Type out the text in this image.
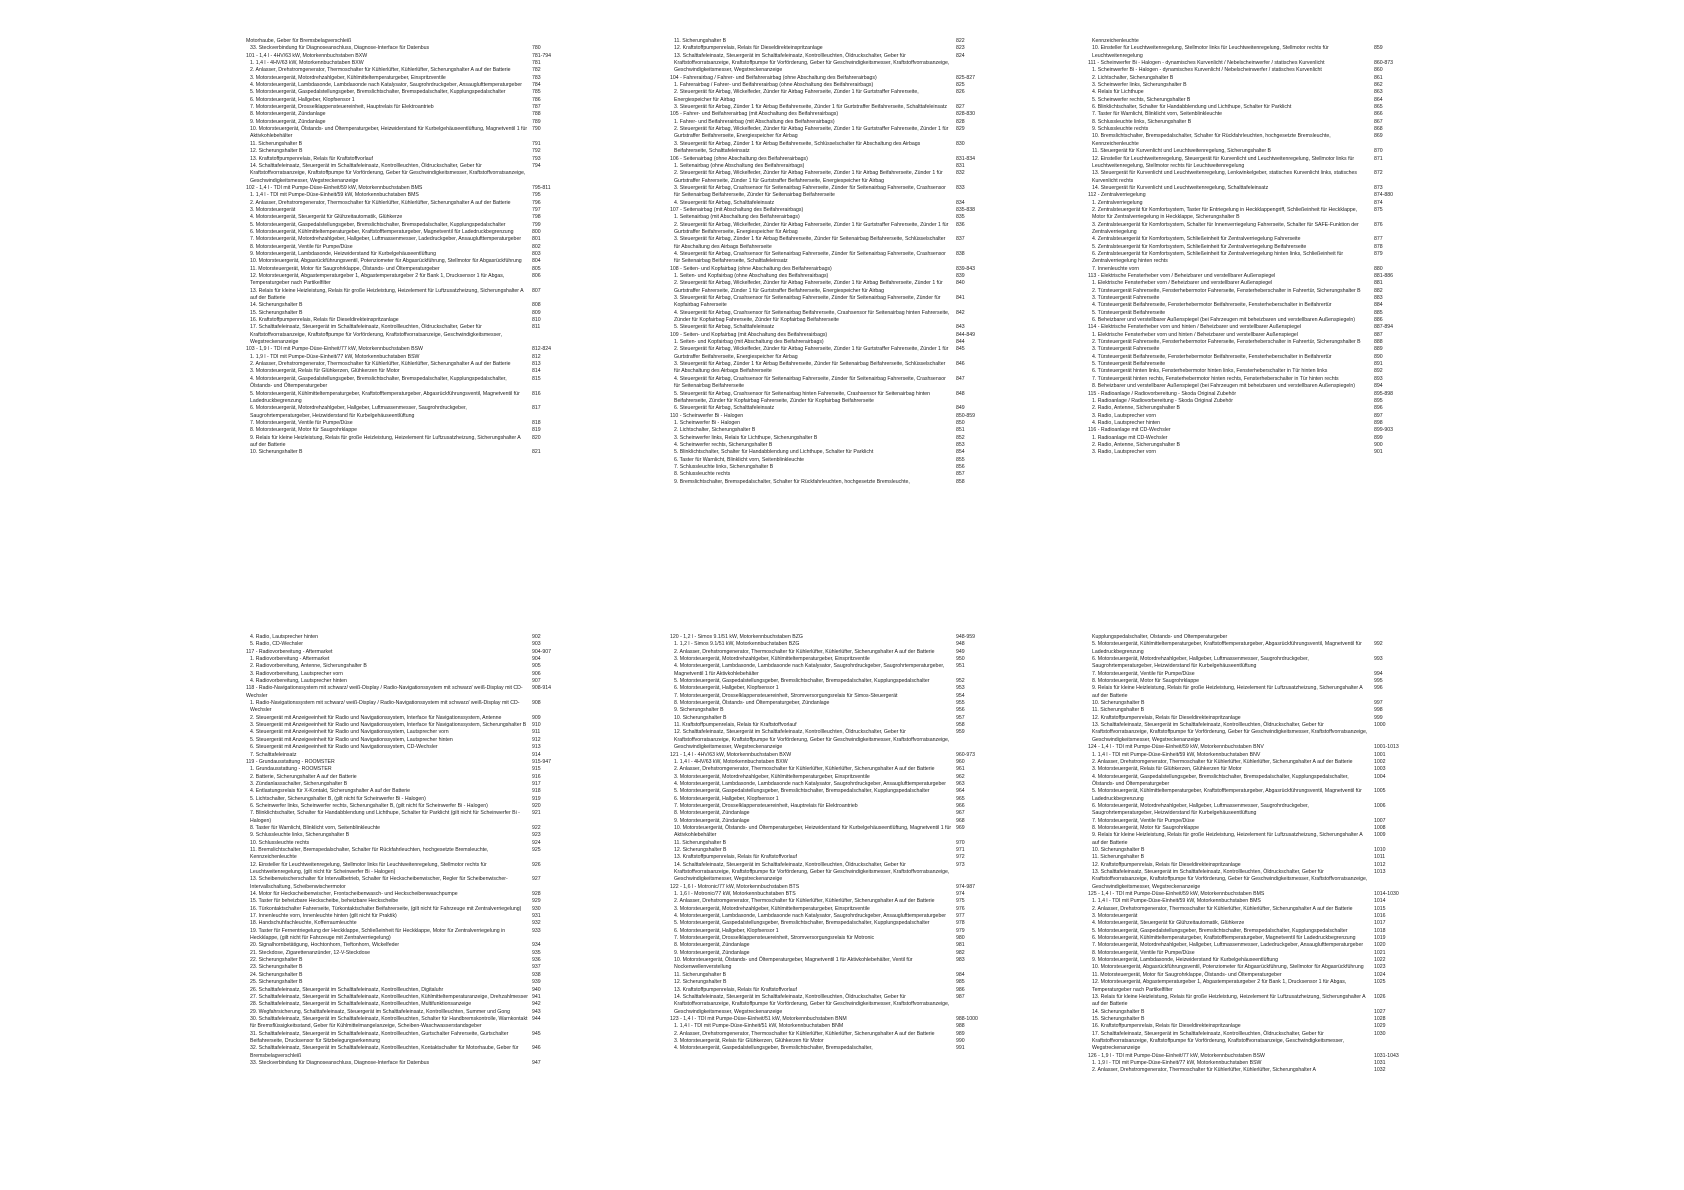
Motorhaube, Geber für Bremsbelagverschleiß
33. Steckverbindung für Diagnoseanschluss, Diagnose-Interface für Datenbus	780
101 - 1,4 l - 4HV/63 kW, Motorkennbuchstaben BXW	781-794
1. 1,4 l - 4HV/63 kW, Motorkennbuchstaben BXW	781
2. Anlasser, Drehstromgenerator, Thermoschalter für Kühlerlüfter, Kühlerlüfter, Sicherungshalter A auf der Batterie	782
3. Motorsteuergerät, Motordrehzahlgeber, Kühlmitteltemperaturgeber, Einspritzventile	783
4. Motorsteuergerät, Lambdasonde, Lambdasonde nach Katalysator, Saugrohrdruckgeber, Ansauglufttemperaturgeber	784
5. Motorsteuergerät, Gaspedalstellungsgeber, Bremslichtschalter, Bremspedalschalter, Kupplungspedalschalter	785
6. Motorsteuergerät, Hallgeber, Klopfsensor 1	786
7. Motorsteuergerät, Drosselklappensteuereinheit, Hauptrelais für Elektroantrieb	787
8. Motorsteuergerät, Zündanlage	788
9. Motorsteuergerät, Zündanlage	789
10. Motorsteuergerät, Ölstands- und Öltemperaturgeber, Heizwiderstand für Kurbelgehäuseentlüftung, Magnetventil 1 für Aktivkohlebehälter
790
11. Sicherungshalter B	791
12. Sicherungshalter B	792
13. Kraftstoffpumpenrelais, Relais für Kraftstoffvorlauf	793
14. Schalttafeleinsatz, Steuergerät im Schalttafeleinsatz, Kontrollleuchten, Öldruckschalter, Geber für Kraftstoffvorratsanzeige, Kraftstoffpumpe für Vorförderung, Geber für Geschwindigkeitsmesser, Kraftstoffvorratsanzeige, Geschwindigkeitsmesser, Wegstreckenanzeige
794
102 - 1,4 l - TDI mit Pumpe-Düse-Einheit/59 kW, Motorkennbuchstaben BMS	795-811
1. 1,4 l - TDI mit Pumpe-Düse-Einheit/59 kW, Motorkennbuchstaben BMS	795
2. Anlasser, Drehstromgenerator, Thermoschalter für Kühlerlüfter, Kühlerlüfter, Sicherungshalter A auf der Batterie	796
3. Motorsteuergerät	797
4. Motorsteuergerät, Steuergerät für Glühzeitautomatik, Glühkerze	798
5. Motorsteuergerät, Gaspedalstellungsgeber, Bremslichtschalter, Bremspedalschalter, Kupplungspedalschalter	799
6. Motorsteuergerät, Kühlmitteltemperaturgeber, Kraftstofftemperaturgeber, Magnetventil für Ladedruckbegrenzung	800
7. Motorsteuergerät, Motordrehzahlgeber, Hallgeber, Luftmassenmesser, Ladedruckgeber, Ansauglufttemperaturgeber	801
8. Motorsteuergerät, Ventile für Pumpe/Düse	802
9. Motorsteuergerät, Lambdasonde, Heizwiderstand für Kurbelgehäuseentlüftung	803
10. Motorsteuergerät, Abgasrückführungsventil, Potenziometer für Abgasrückführung, Stellmotor für Abgasrückführung	804
11. Motorsteuergerät, Motor für Saugrohrklappe, Ölstands- und Öltemperaturgeber	805
12. Motorsteuergerät, Abgastemperaturgeber 1, Abgastemperaturgeber 2 für Bank 1, Drucksensor 1 für Abgas, Temperaturgeber nach Partikelfilter
806
13. Relais für kleine Heizleistung, Relais für große Heizleistung, Heizelement für Luftzusatzheizung, Sicherungshalter A auf der Batterie
807
14. Sicherungshalter B	808
15. Sicherungshalter B	809
16. Kraftstoffpumpenrelais, Relais für Dieseldirekteinspritzanlage	810
17. Schalttafeleinsatz, Steuergerät im Schalttafeleinsatz, Kontrollleuchten, Öldruckschalter, Geber für Kraftstoffvorratsanzeige, Kraftstoffpumpe für Vorförderung, Kraftstoffvorratsanzeige, Geschwindigkeitsmesser, Wegstreckenanzeige
811
103 - 1,9 l - TDI mit Pumpe-Düse-Einheit/77 kW, Motorkennbuchstaben BSW	812-824
1. 1,9 l - TDI mit Pumpe-Düse-Einheit/77 kW, Motorkennbuchstaben BSW	812
2. Anlasser, Drehstromgenerator, Thermoschalter für Kühlerlüfter, Kühlerlüfter, Sicherungshalter A auf der Batterie	813
3. Motorsteuergerät, Relais für Glühkerzen, Glühkerzen für Motor	814
4. Motorsteuergerät, Gaspedalstellungsgeber, Bremslichtschalter, Bremspedalschalter, Kupplungspedalschalter, Ölstands- und Öltemperaturgeber
815
5. Motorsteuergerät, Kühlmitteltemperaturgeber, Kraftstofftemperaturgeber, Abgasrückführungsventil, Magnetventil für Ladedruckbegrenzung
816
6. Motorsteuergerät, Motordrehzahlgeber, Hallgeber, Luftmassenmesser, Saugrohrdruckgeber, Saugrohrtemperaturgeber, Heizwiderstand für Kurbelgehäuseentlüftung
817
7. Motorsteuergerät, Ventile für Pumpe/Düse	818
8. Motorsteuergerät, Motor für Saugrohrklappe	819
9. Relais für kleine Heizleistung, Relais für große Heizleistung, Heizelement für Luftzusatzheizung, Sicherungshalter A auf der Batterie
820
10. Sicherungshalter B	821
11. Sicherungshalter B	822
12. Kraftstoffpumpenrelais, Relais für Dieseldirekteinspritzanlage	823
13. Schalttafeleinsatz, Steuergerät im Schalttafeleinsatz, Kontrollleuchten, Öldruckschalter, Geber für Kraftstoffvorratsanzeige, Kraftstoffpumpe für Vorförderung, Geber für Geschwindigkeitsmesser, Kraftstoffvorratsanzeige, Geschwindigkeitsmesser, Wegstreckenanzeige
824
104 - Fahrerairbag / Fahrer- und Beifahrerairbag (ohne Abschaltung des Beifahrerairbags)	825-827
1. Fahrerairbag / Fahrer- und Beifahrerairbag (ohne Abschaltung des Beifahrerairbags)	825
2. Steuergerät für Airbag, Wickelfeder, Zünder für Airbag Fahrerseite, Zünder 1 für Gurtstraffer Fahrerseite, Energiespeicher für Airbag
826
3. Steuergerät für Airbag, Zünder 1 für Airbag Beifahrerseite, Zünder 1 für Gurtstraffer Beifahrerseite, Schalttafeleinsatz	827
105 - Fahrer- und Beifahrerairbag (mit Abschaltung des Beifahrerairbags)	828-830
1. Fahrer- und Beifahrerairbag (mit Abschaltung des Beifahrerairbags)	828
2. Steuergerät für Airbag, Wickelfeder, Zünder für Airbag Fahrerseite, Zünder 1 für Gurtstraffer Fahrerseite, Zünder 1 für Gurtstraffer Beifahrerseite, Energiespeicher für Airbag
829
3. Steuergerät für Airbag, Zünder 1 für Airbag Beifahrerseite, Schlüsselschalter für Abschaltung des Airbags Beifahrerseite, Schalttafeleinsatz
830
106 - Seitenairbag (ohne Abschaltung des Beifahrerairbags)	831-834
1. Seitenairbag (ohne Abschaltung des Beifahrerairbags)	831
2. Steuergerät für Airbag, Wickelfeder, Zünder für Airbag Fahrerseite, Zünder 1 für Airbag Beifahrerseite, Zünder 1 für Gurtstraffer Fahrerseite, Zünder 1 für Gurtstraffer Beifahrerseite, Energiespeicher für Airbag
832
3. Steuergerät für Airbag, Crashsensor für Seitenairbag Fahrerseite, Zünder für Seitenairbag Fahrerseite, Crashsensor für Seitenairbag Beifahrerseite, Zünder für Seitenairbag Beifahrerseite
833
4. Steuergerät für Airbag, Schalttafeleinsatz	834
107 - Seitenairbag (mit Abschaltung des Beifahrerairbags)	835-838
1. Seitenairbag (mit Abschaltung des Beifahrerairbags)	835
2. Steuergerät für Airbag, Wickelfeder, Zünder für Airbag Fahrerseite, Zünder 1 für Gurtstraffer Fahrerseite, Zünder 1 für Gurtstraffer Beifahrerseite, Energiespeicher für Airbag
836
3. Steuergerät für Airbag, Zünder 1 für Airbag Beifahrerseite, Zünder für Seitenairbag Beifahrerseite, Schlüsselschalter für Abschaltung des Airbags Beifahrerseite
837
4. Steuergerät für Airbag, Crashsensor für Seitenairbag Fahrerseite, Zünder für Seitenairbag Fahrerseite, Crashsensor für Seitenairbag Beifahrerseite, Schalttafeleinsatz
838
108 - Seiten- und Kopfairbag (ohne Abschaltung des Beifahrerairbags)	839-843
1. Seiten- und Kopfairbag (ohne Abschaltung des Beifahrerairbags)	839
2. Steuergerät für Airbag, Wickelfeder, Zünder für Airbag Fahrerseite, Zünder 1 für Airbag Beifahrerseite, Zünder 1 für Gurtstraffer Fahrerseite, Zünder 1 für Gurtstraffer Beifahrerseite, Energiespeicher für Airbag
840
3. Steuergerät für Airbag, Crashsensor für Seitenairbag Fahrerseite, Zünder für Seitenairbag Fahrerseite, Zünder für Kopfairbag Fahrerseite
841
4. Steuergerät für Airbag, Crashsensor für Seitenairbag Beifahrerseite, Crashsensor für Seitenairbag hinten Fahrerseite, Zünder für Kopfairbag Fahrerseite, Zünder für Kopfairbag Beifahrerseite
842
5. Steuergerät für Airbag, Schalttafeleinsatz	843
109 - Seiten- und Kopfairbag (mit Abschaltung des Beifahrerairbags)	844-849
1. Seiten- und Kopfairbag (mit Abschaltung des Beifahrerairbags)	844
2. Steuergerät für Airbag, Wickelfeder, Zünder für Airbag Fahrerseite, Zünder 1 für Gurtstraffer Fahrerseite, Zünder 1 für Gurtstraffer Beifahrerseite, Energiespeicher für Airbag
845
3. Steuergerät für Airbag, Zünder 1 für Airbag Beifahrerseite, Zünder für Seitenairbag Beifahrerseite, Schlüsselschalter für Abschaltung des Airbags Beifahrerseite
846
4. Steuergerät für Airbag, Crashsensor für Seitenairbag Fahrerseite, Zünder für Seitenairbag Fahrerseite, Crashsensor für Seitenairbag Beifahrerseite
847
5. Steuergerät für Airbag, Crashsensor für Seitenairbag hinten Fahrerseite, Crashsensor für Seitenairbag hinten Beifahrerseite, Zünder für Kopfairbag Fahrerseite, Zünder für Kopfairbag Beifahrerseite
848
6. Steuergerät für Airbag, Schalttafeleinsatz	849
110 - Scheinwerfer Bi - Halogen	850-859
1. Scheinwerfer Bi - Halogen	850
2. Lichtschalter, Sicherungshalter B	851
3. Scheinwerfer links, Relais für Lichthupe, Sicherungshalter B	852
4. Scheinwerfer rechts, Sicherungshalter B	853
5. Blinklichtschalter, Schalter für Handabblendung und Lichthupe, Schalter für Parklicht	854
6. Taster für Warnlicht, Blinklicht vorn, Seitenblinkleuchte	855
7. Schlussleuchte links, Sicherungshalter B	856
8. Schlussleuchte rechts	857
9. Bremslichtschalter, Bremspedalschalter, Schalter für Rückfahrleuchten, hochgesetzte Bremsleuchte,	858
Kennzeichenleuchte
10. Einsteller für Leuchtweitenregelung, Stellmotor links für Leuchtweitenregelung, Stellmotor rechts für Leuchtweitenregelung
859
111 - Scheinwerfer Bi - Halogen - dynamisches Kurvenlicht / Nebelscheinwerfer / statisches Kurvenlicht	860-873
1. Scheinwerfer Bi - Halogen - dynamisches Kurvenlicht / Nebelscheinwerfer / statisches Kurvenlicht	860
2. Lichtschalter, Sicherungshalter B	861
3. Scheinwerfer links, Sicherungshalter B	862
4. Relais für Lichthupe	863
5. Scheinwerfer rechts, Sicherungshalter B	864
6. Blinklichtschalter, Schalter für Handabblendung und Lichthupe, Schalter für Parklicht	865
7. Taster für Warnlicht, Blinklicht vorn, Seitenblinkleuchte	866
8. Schlussleuchte links, Sicherungshalter B	867
9. Schlussleuchte rechts	868
10. Bremslichtschalter, Bremspedalschalter, Schalter für Rückfahrleuchten, hochgesetzte Bremsleuchte, Kennzeichenleuchte
869
11. Steuergerät für Kurvenlicht und Leuchtweitenregelung, Sicherungshalter B	870
12. Einsteller für Leuchtweitenregelung, Steuergerät für Kurvenlicht und Leuchtweitenregelung, Stellmotor links für Leuchtweitenregelung, Stellmotor rechts für Leuchtweitenregelung
871
13. Steuergerät für Kurvenlicht und Leuchtweitenregelung, Lenkwinkelgeber, statisches Kurvenlicht links, statisches Kurvenlicht rechts
872
14. Steuergerät für Kurvenlicht und Leuchtweitenregelung, Schalttafeleinsatz	873
112 - Zentralverriegelung	874-880
1. Zentralverriegelung	874
2. Zentralsteuergerät für Komfortsystem, Taster für Entriegelung in Heckklappengriff, Schließeinheit für Heckklappe, Motor für Zentralverriegelung in Heckklappe, Sicherungshalter B
875
3. Zentralsteuergerät für Komfortsystem, Schalter für Innenverriegelung Fahrerseite, Schalter für SAFE-Funktion der Zentralverriegelung
876
4. Zentralsteuergerät für Komfortsystem, Schließeinheit für Zentralverriegelung Fahrerseite	877
5. Zentralsteuergerät für Komfortsystem, Schließeinheit für Zentralverriegelung Beifahrerseite	878
6. Zentralsteuergerät für Komfortsystem, Schließeinheit für Zentralverriegelung hinten links, Schließeinheit für Zentralverriegelung hinten rechts
879
7. Innenleuchte vorn	880
113 - Elektrische Fensterheber vorn / Beheizbarer und verstellbarer Außenspiegel	881-886
1. Elektrische Fensterheber vorn / Beheizbarer und verstellbarer Außenspiegel	881
2. Türsteuergerät Fahrerseite, Fensterhebermotor Fahrerseite, Fensterheberschalter in Fahrertür, Sicherungshalter B	882
3. Türsteuergerät Fahrerseite	883
4. Türsteuergerät Beifahrerseite, Fensterhebermotor Beifahrerseite, Fensterheberschalter in Beifahrertür	884
5. Türsteuergerät Beifahrerseite	885
6. Beheizbarer und verstellbarer Außenspiegel (bei Fahrzeugen mit beheizbaren und verstellbaren Außenspiegeln)	886
114 - Elektrische Fensterheber vorn und hinten / Beheizbarer und verstellbarer Außenspiegel	887-894
1. Elektrische Fensterheber vorn und hinten / Beheizbarer und verstellbarer Außenspiegel	887
2. Türsteuergerät Fahrerseite, Fensterhebermotor Fahrerseite, Fensterheberschalter in Fahrertür, Sicherungshalter B	888
3. Türsteuergerät Fahrerseite	889
4. Türsteuergerät Beifahrerseite, Fensterhebermotor Beifahrerseite, Fensterheberschalter in Beifahrertür	890
5. Türsteuergerät Beifahrerseite	891
6. Türsteuergerät hinten links, Fensterhebermotor hinten links, Fensterheberschalter in Tür hinten links	892
7. Türsteuergerät hinten rechts, Fensterhebermotor hinten rechts, Fensterheberschalter in Tür hinten rechts	893
8. Beheizbarer und verstellbarer Außenspiegel (bei Fahrzeugen mit beheizbaren und verstellbaren Außenspiegeln)	894
115 - Radioanlage / Radiovorbereitung - Skoda Original Zubehör	895-898
1. Radioanlage / Radiovorbereitung - Skoda Original Zubehör	895
2. Radio, Antenne, Sicherungshalter B	896
3. Radio, Lautsprecher vorn	897
4. Radio, Lautsprecher hinten	898
116 - Radioanlage mit CD-Wechsler	899-903
1. Radioanlage mit CD-Wechsler	899
2. Radio, Antenne, Sicherungshalter B	900
3. Radio, Lautsprecher vorn	901
4. Radio, Lautsprecher hinten	902
5. Radio, CD-Wechsler	903
117 - Radiovorbereitung - Aftermarket	904-907
1. Radiovorbereitung - Aftermarket	904
2. Radiovorbereitung, Antenne, Sicherungshalter B	905
3. Radiovorbereitung, Lautsprecher vorn	906
4. Radiovorbereitung, Lautsprecher hinten	907
118 - Radio-Navigationssystem mit schwarz/ weiß-Display / Radio-Navigationssystem mit schwarz/ weiß-Display mit CD-Wechsler
908-914
1. Radio-Navigationssystem mit schwarz/ weiß-Display / Radio-Navigationssystem mit schwarz/ weiß-Display mit CD-Wechsler
908
2. Steuergerät mit Anzeigeeinheit für Radio und Navigationssystem, Interface für Navigationssystem, Antenne	909
3. Steuergerät mit Anzeigeeinheit für Radio und Navigationssystem, Interface für Navigationssystem, Sicherungshalter B	910
4. Steuergerät mit Anzeigeeinheit für Radio und Navigationssystem, Lautsprecher vorn	911
5. Steuergerät mit Anzeigeeinheit für Radio und Navigationssystem, Lautsprecher hinten	912
6. Steuergerät mit Anzeigeeinheit für Radio und Navigationssystem, CD-Wechsler	913
7. Schalttafeleinsatz	914
119 - Grundausstattung - ROOMSTER	915-947
1. Grundausstattung - ROOMSTER	915
2. Batterie, Sicherungshalter A auf der Batterie	916
3. Zündanlassschalter, Sicherungshalter B	917
4. Entlastungsrelais für X-Kontakt, Sicherungshalter A auf der Batterie	918
5. Lichtschalter, Sicherungshalter B, (gilt nicht für Scheinwerfer Bi - Halogen)	919
6. Scheinwerfer links, Scheinwerfer rechts, Sicherungshalter B, (gilt nicht für Scheinwerfer Bi - Halogen)	920
7. Blinklichtschalter, Schalter für Handabblendung und Lichthupe, Schalter für Parklicht (gilt nicht für Scheinwerfer Bi - Halogen)
921
8. Taster für Warnlicht, Blinklicht vorn, Seitenblinkleuchte	922
9. Schlussleuchte links, Sicherungshalter B	923
10. Schlussleuchte rechts	924
11. Bremslichtschalter, Bremspedalschalter, Schalter für Rückfahrleuchten, hochgesetzte Bremsleuchte, Kennzeichenleuchte
925
12. Einsteller für Leuchtweitenregelung, Stellmotor links für Leuchtweitenregelung, Stellmotor rechts für Leuchtweitenregelung, (gilt nicht für Scheinwerfer Bi - Halogen)
926
13. Scheibenwischerschalter für Intervallbetrieb, Schalter für Heckscheibenwischer, Regler für Scheibenwischer-Intervallschaltung, Scheibenwischermotor
927
14. Motor für Heckscheibenwischer, Frontscheibenwasch- und Heckscheibenwaschpumpe	928
15. Taster für beheizbare Heckscheibe, beheizbare Heckscheibe	929
16. Türkontaktschalter Fahrerseite, Türkontaktschalter Beifahrerseite, (gilt nicht für Fahrzeuge mit Zentralverriegelung)	930
17. Innenleuchte vorn, Innenleuchte hinten (gilt nicht für Praktik)	931
18. Handschuhfachleuchte, Kofferraumleuchte	932
19. Taster für Fernentriegelung der Heckklappe, Schließeinheit für Heckklappe, Motor für Zentralverriegelung in Heckklappe, (gilt nicht für Fahrzeuge mit Zentralverriegelung)
933
20. Signalhornbetätigung, Hochtonhorn, Tieftonhorn, Wickelfeder	934
21. Steckdose, Zigarettenanzünder, 12-V-Steckdose	935
22. Sicherungshalter B	936
23. Sicherungshalter B	937
24. Sicherungshalter B	938
25. Sicherungshalter B	939
26. Schalttafeleinsatz, Steuergerät im Schalttafeleinsatz, Kontrollleuchten, Digitaluhr	940
27. Schalttafeleinsatz, Steuergerät im Schalttafeleinsatz, Kontrollleuchten, Kühlmitteltemperaturanzeige, Drehzahlmesser 941
28. Schalttafeleinsatz, Steuergerät im Schalttafeleinsatz, Kontrollleuchten, Multifunktionsanzeige	942
29. Wegfahrsicherung, Schalttafeleinsatz, Steuergerät im Schalttafeleinsatz, Kontrollleuchten, Summer und Gong	943
30. Schalttafeleinsatz, Steuergerät im Schalttafeleinsatz, Kontrollleuchten, Schalter für Handbremskontrolle, Warnkontakt für Bremsflüssigkeitsstand, Geber für Kühlmittelmangelanzeige, Scheiben-Waschwasserstandsgeber
944
31. Schalttafeleinsatz, Steuergerät im Schalttafeleinsatz, Kontrollleuchten, Gurtschalter Fahrerseite, Gurtschalter Beifahrerseite, Drucksensor für Sitzbelegungserkennung
945
32. Schalttafeleinsatz, Steuergerät im Schalttafeleinsatz, Kontrollleuchten, Kontaktschalter für Motorhaube, Geber für Bremsbelagverschleiß
946
33. Steckverbindung für Diagnoseanschluss, Diagnose-Interface für Datenbus	947
120 - 1,2 l - Simos 9.1/51 kW, Motorkennbuchstaben BZG	948-959
1. 1,2 l - Simos 9.1/51 kW, Motorkennbuchstaben BZG	948
2. Anlasser, Drehstromgenerator, Thermoschalter für Kühlerlüfter, Kühlerlüfter, Sicherungshalter A auf der Batterie	949
3. Motorsteuergerät, Motordrehzahlgeber, Kühlmitteltemperaturgeber, Einspritzventile	950
4. Motorsteuergerät, Lambdasonde, Lambdasonde nach Katalysator, Saugrohrdruckgeber, Saugrohrtemperaturgeber, Magnetventil 1 für Aktivkohlebehälter
951
5. Motorsteuergerät, Gaspedalstellungsgeber, Bremslichtschalter, Bremspedalschalter, Kupplungspedalschalter	952
6. Motorsteuergerät, Hallgeber, Klopfsensor 1	953
7. Motorsteuergerät, Drosselklappensteuereinheit, Stromversorgungsrelais für Simos-Steuergerät	954
8. Motorsteuergerät, Ölstands- und Öltemperaturgeber, Zündanlage	955
9. Sicherungshalter B	956
10. Sicherungshalter B	957
11. Kraftstoffpumpenrelais, Relais für Kraftstoffvorlauf	958
12. Schalttafeleinsatz, Steuergerät im Schalttafeleinsatz, Kontrollleuchten, Öldruckschalter, Geber für Kraftstoffvorratsanzeige, Kraftstoffpumpe für Vorförderung, Geber für Geschwindigkeitsmesser, Kraftstoffvorratsanzeige, Geschwindigkeitsmesser, Wegstreckenanzeige
959
121 - 1,4 l - 4HV/63 kW, Motorkennbuchstaben BXW	960-973
1. 1,4 l - 4HV/63 kW, Motorkennbuchstaben BXW	960
2. Anlasser, Drehstromgenerator, Thermoschalter für Kühlerlüfter, Kühlerlüfter, Sicherungshalter A auf der Batterie	961
3. Motorsteuergerät, Motordrehzahlgeber, Kühlmitteltemperaturgeber, Einspritzventile	962
4. Motorsteuergerät, Lambdasonde, Lambdasonde nach Katalysator, Saugrohrdruckgeber, Ansauglufttemperaturgeber	963
5. Motorsteuergerät, Gaspedalstellungsgeber, Bremslichtschalter, Bremspedalschalter, Kupplungspedalschalter	964
6. Motorsteuergerät, Hallgeber, Klopfsensor 1	965
7. Motorsteuergerät, Drosselklappensteuereinheit, Hauptrelais für Elektroantrieb	966
8. Motorsteuergerät, Zündanlage	967
9. Motorsteuergerät, Zündanlage	968
10. Motorsteuergerät, Ölstands- und Öltemperaturgeber, Heizwiderstand für Kurbelgehäuseentlüftung, Magnetventil 1 für Aktivkohlebehälter
969
11. Sicherungshalter B	970
12. Sicherungshalter B	971
13. Kraftstoffpumpenrelais, Relais für Kraftstoffvorlauf	972
14. Schalttafeleinsatz, Steuergerät im Schalttafeleinsatz, Kontrollleuchten, Öldruckschalter, Geber für Kraftstoffvorratsanzeige, Kraftstoffpumpe für Vorförderung, Geber für Geschwindigkeitsmesser, Kraftstoffvorratsanzeige, Geschwindigkeitsmesser, Wegstreckenanzeige
973
122 - 1,6 l - Motronic/77 kW, Motorkennbuchstaben BTS	974-987
1. 1,6 l - Motronic/77 kW, Motorkennbuchstaben BTS	974
2. Anlasser, Drehstromgenerator, Thermoschalter für Kühlerlüfter, Kühlerlüfter, Sicherungshalter A auf der Batterie	975
3. Motorsteuergerät, Motordrehzahlgeber, Kühlmitteltemperaturgeber, Einspritzventile	976
4. Motorsteuergerät, Lambdasonde, Lambdasonde nach Katalysator, Saugrohrdruckgeber, Ansauglufttemperaturgeber	977
5. Motorsteuergerät, Gaspedalstellungsgeber, Bremslichtschalter, Bremspedalschalter, Kupplungspedalschalter	978
6. Motorsteuergerät, Hallgeber, Klopfsensor 1	979
7. Motorsteuergerät, Drosselklappensteuereinheit, Stromversorgungsrelais für Motronic	980
8. Motorsteuergerät, Zündanlage	981
9. Motorsteuergerät, Zündanlage	982
10. Motorsteuergerät, Ölstands- und Öltemperaturgeber, Magnetventil 1 für Aktivkohlebehälter, Ventil für Nockenwellenverstellung
983
11. Sicherungshalter B	984
12. Sicherungshalter B	985
13. Kraftstoffpumpenrelais, Relais für Kraftstoffvorlauf	986
14. Schalttafeleinsatz, Steuergerät im Schalttafeleinsatz, Kontrollleuchten, Öldruckschalter, Geber für Kraftstoffvorratsanzeige, Kraftstoffpumpe für Vorförderung, Geber für Geschwindigkeitsmesser, Kraftstoffvorratsanzeige, Geschwindigkeitsmesser, Wegstreckenanzeige
987
123 - 1,4 l - TDI mit Pumpe-Düse-Einheit/51 kW, Motorkennbuchstaben BNM	988-1000
1. 1,4 l - TDI mit Pumpe-Düse-Einheit/51 kW, Motorkennbuchstaben BNM	988
2. Anlasser, Drehstromgenerator, Thermoschalter für Kühlerlüfter, Kühlerlüfter, Sicherungshalter A auf der Batterie	989
3. Motorsteuergerät, Relais für Glühkerzen, Glühkerzen für Motor	990
4. Motorsteuergerät, Gaspedalstellungsgeber, Bremslichtschalter, Bremspedalschalter,	991
Kupplungspedalschalter, Ölstands- und Öltemperaturgeber
5. Motorsteuergerät, Kühlmitteltemperaturgeber, Kraftstofftemperaturgeber, Abgasrückführungsventil, Magnetventil für Ladedruckbegrenzung
992
6. Motorsteuergerät, Motordrehzahlgeber, Hallgeber, Luftmassenmesser, Saugrohrdruckgeber, Saugrohrtemperaturgeber, Heizwiderstand für Kurbelgehäuseentlüftung
993
7. Motorsteuergerät, Ventile für Pumpe/Düse	994
8. Motorsteuergerät, Motor für Saugrohrklappe	995
9. Relais für kleine Heizleistung, Relais für große Heizleistung, Heizelement für Luftzusatzheizung, Sicherungshalter A auf der Batterie
996
10. Sicherungshalter B	997
11. Sicherungshalter B	998
12. Kraftstoffpumpenrelais, Relais für Dieseldirekteinspritzanlage	999
13. Schalttafeleinsatz, Steuergerät im Schalttafeleinsatz, Kontrollleuchten, Öldruckschalter, Geber für Kraftstoffvorratsanzeige, Kraftstoffpumpe für Vorförderung, Geber für Geschwindigkeitsmesser, Kraftstoffvorratsanzeige, Geschwindigkeitsmesser, Wegstreckenanzeige
1000
124 - 1,4 l - TDI mit Pumpe-Düse-Einheit/59 kW, Motorkennbuchstaben BNV	1001-1013
1. 1,4 l - TDI mit Pumpe-Düse-Einheit/59 kW, Motorkennbuchstaben BNV	1001
2. Anlasser, Drehstromgenerator, Thermoschalter für Kühlerlüfter, Kühlerlüfter, Sicherungshalter A auf der Batterie	1002
3. Motorsteuergerät, Relais für Glühkerzen, Glühkerzen für Motor	1003
4. Motorsteuergerät, Gaspedalstellungsgeber, Bremslichtschalter, Bremspedalschalter, Kupplungspedalschalter, Ölstands- und Öltemperaturgeber
1004
5. Motorsteuergerät, Kühlmitteltemperaturgeber, Kraftstofftemperaturgeber, Abgasrückführungsventil, Magnetventil für Ladedruckbegrenzung
1005
6. Motorsteuergerät, Motordrehzahlgeber, Hallgeber, Luftmassenmesser, Saugrohrdruckgeber, Saugrohrtemperaturgeber, Heizwiderstand für Kurbelgehäuseentlüftung
1006
7. Motorsteuergerät, Ventile für Pumpe/Düse	1007
8. Motorsteuergerät, Motor für Saugrohrklappe	1008
9. Relais für kleine Heizleistung, Relais für große Heizleistung, Heizelement für Luftzusatzheizung, Sicherungshalter A auf der Batterie
1009
10. Sicherungshalter B	1010
11. Sicherungshalter B	1011
12. Kraftstoffpumpenrelais, Relais für Dieseldirekteinspritzanlage	1012
13. Schalttafeleinsatz, Steuergerät im Schalttafeleinsatz, Kontrollleuchten, Öldruckschalter, Geber für Kraftstoffvorratsanzeige, Kraftstoffpumpe für Vorförderung, Geber für Geschwindigkeitsmesser, Kraftstoffvorratsanzeige, Geschwindigkeitsmesser, Wegstreckenanzeige
1013
125 - 1,4 l - TDI mit Pumpe-Düse-Einheit/59 kW, Motorkennbuchstaben BMS	1014-1030
1. 1,4 l - TDI mit Pumpe-Düse-Einheit/59 kW, Motorkennbuchstaben BMS	1014
2. Anlasser, Drehstromgenerator, Thermoschalter für Kühlerlüfter, Kühlerlüfter, Sicherungshalter A auf der Batterie	1015
3. Motorsteuergerät	1016
4. Motorsteuergerät, Steuergerät für Glühzeitautomatik, Glühkerze	1017
5. Motorsteuergerät, Gaspedalstellungsgeber, Bremslichtschalter, Bremspedalschalter, Kupplungspedalschalter	1018
6. Motorsteuergerät, Kühlmitteltemperaturgeber, Kraftstofftemperaturgeber, Magnetventil für Ladedruckbegrenzung	1019
7. Motorsteuergerät, Motordrehzahlgeber, Hallgeber, Luftmassenmesser, Ladedruckgeber, Ansauglufttemperaturgeber	1020
8. Motorsteuergerät, Ventile für Pumpe/Düse	1021
9. Motorsteuergerät, Lambdasonde, Heizwiderstand für Kurbelgehäuseentlüftung	1022
10. Motorsteuergerät, Abgasrückführungsventil, Potenziometer für Abgasrückführung, Stellmotor für Abgasrückführung	1023
11. Motorsteuergerät, Motor für Saugrohrklappe, Ölstands- und Öltemperaturgeber	1024
12. Motorsteuergerät, Abgastemperaturgeber 1, Abgastemperaturgeber 2 für Bank 1, Drucksensor 1 für Abgas, Temperaturgeber nach Partikelfilter
1025
13. Relais für kleine Heizleistung, Relais für große Heizleistung, Heizelement für Luftzusatzheizung, Sicherungshalter A auf der Batterie
1026
14. Sicherungshalter B	1027
15. Sicherungshalter B	1028
16. Kraftstoffpumpenrelais, Relais für Dieseldirekteinspritzanlage	1029
17. Schalttafeleinsatz, Steuergerät im Schalttafeleinsatz, Kontrollleuchten, Öldruckschalter, Geber für Kraftstoffvorratsanzeige, Kraftstoffpumpe für Vorförderung, Kraftstoffvorratsanzeige, Geschwindigkeitsmesser, Wegstreckenanzeige
1030
126 - 1,9 l - TDI mit Pumpe-Düse-Einheit/77 kW, Motorkennbuchstaben BSW	1031-1043
1. 1,9 l - TDI mit Pumpe-Düse-Einheit/77 kW, Motorkennbuchstaben BSW	1031
2. Anlasser, Drehstromgenerator, Thermoschalter für Kühlerlüfter, Kühlerlüfter, Sicherungshalter A	1032
